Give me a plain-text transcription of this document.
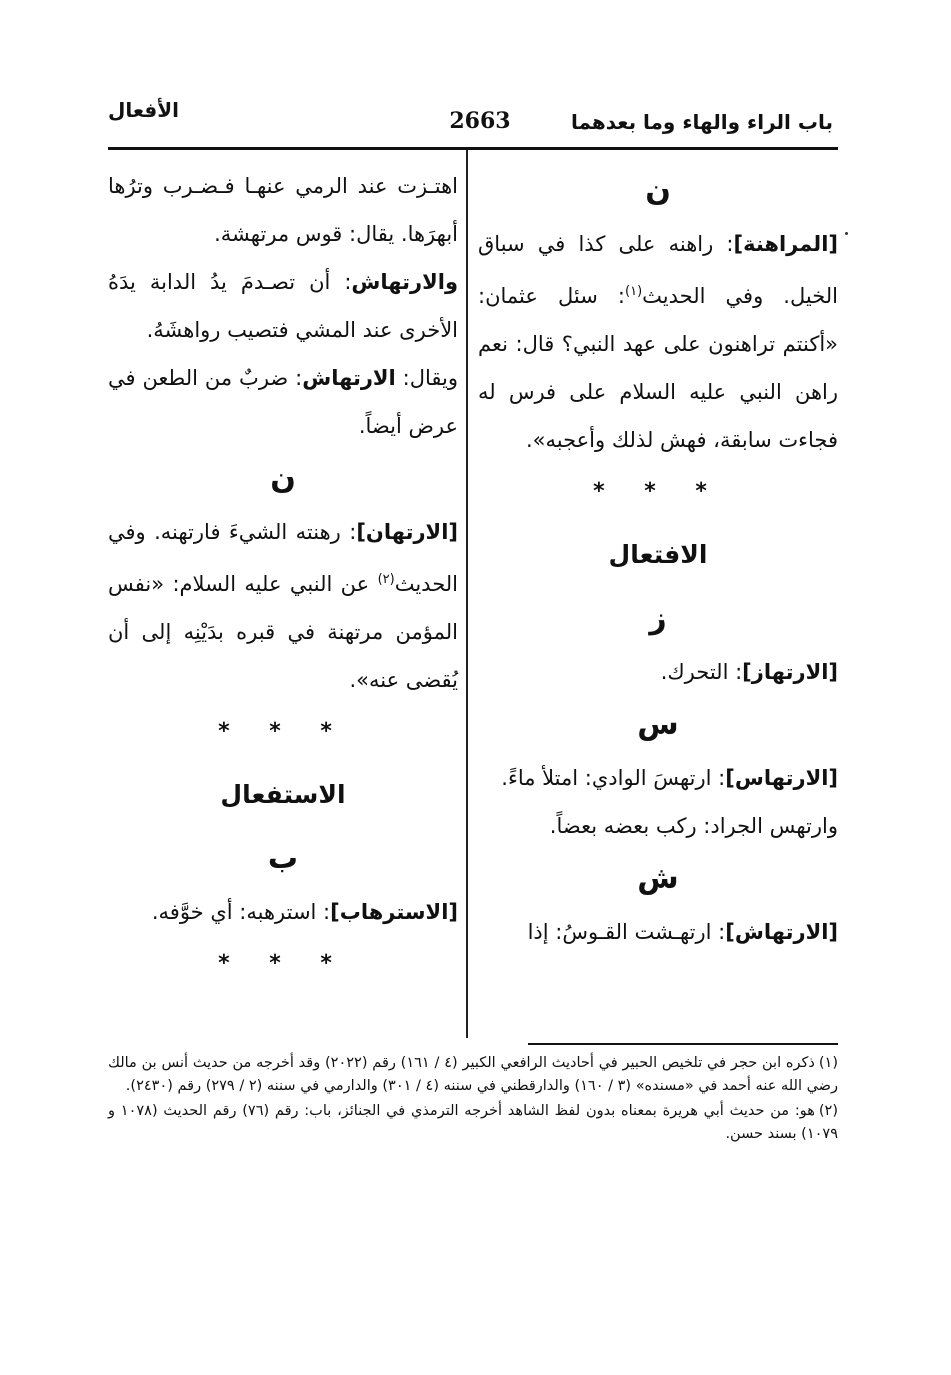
الأفعال	2663	باب الراء والهاء وما بعدهما
ن

[المراهنة]: راهنه على كذا في سباق الخيل. وفي الحديث$^{(١)}$: سئل عثمان: «أكنتم تراهنون على عهد النبي؟ قال: نعم راهن النبي عليه السلام على فرس له فجاءت سابقة، فهش لذلك وأعجبه».

* * *
الافتعال
ز

[الارتهاز]: التحرك.

س

[الارتهاس]: ارتهسَ الوادي: امتلأ ماءً.

وارتهس الجراد: ركب بعضه بعضاً.

ش

[الارتهاش]: ارتهـشت القـوسُ: إذا

اهتـزت عند الرمي عنهـا فـضـرب وترُها أبهرَها. يقال: قوس مرتهشة.

والارتهاش: أن تصـدمَ يدُ الدابة يدَهُ الأخرى عند المشي فتصيب رواهشَهُ.

ويقال: الارتهاش: ضربٌ من الطعن في عرض أيضاً.

ن

[الارتهان]: رهنته الشيءَ فارتهنه. وفي الحديث$^{(٢)}$ عن النبي عليه السلام: «نفس المؤمن مرتهنة في قبره بدَيْنِه إلى أن يُقضى عنه».

* * *
الاستفعال
ب

[الاسترهاب]: استرهبه: أي خوَّفه.

* * *

(١)ذكره ابن حجر في تلخيص الحبير في أحاديث الرافعي الكبير (٤ / ١٦١) رقم (٢٠٢٢) وقد أخرجه من حديث أنس بن مالك رضي الله عنه أحمد في «مسنده» (٣ / ١٦٠) والدارقطني في سننه (٤ / ٣٠١) والدارمي في سننه (٢ / ٢٧٩) رقم (٢٤٣٠).

(٢)هو: من حديث أبي هريرة بمعناه بدون لفظ الشاهد أخرجه الترمذي في الجنائز، باب: رقم (٧٦) رقم الحديث (١٠٧٨ و ١٠٧٩) بسند حسن.
